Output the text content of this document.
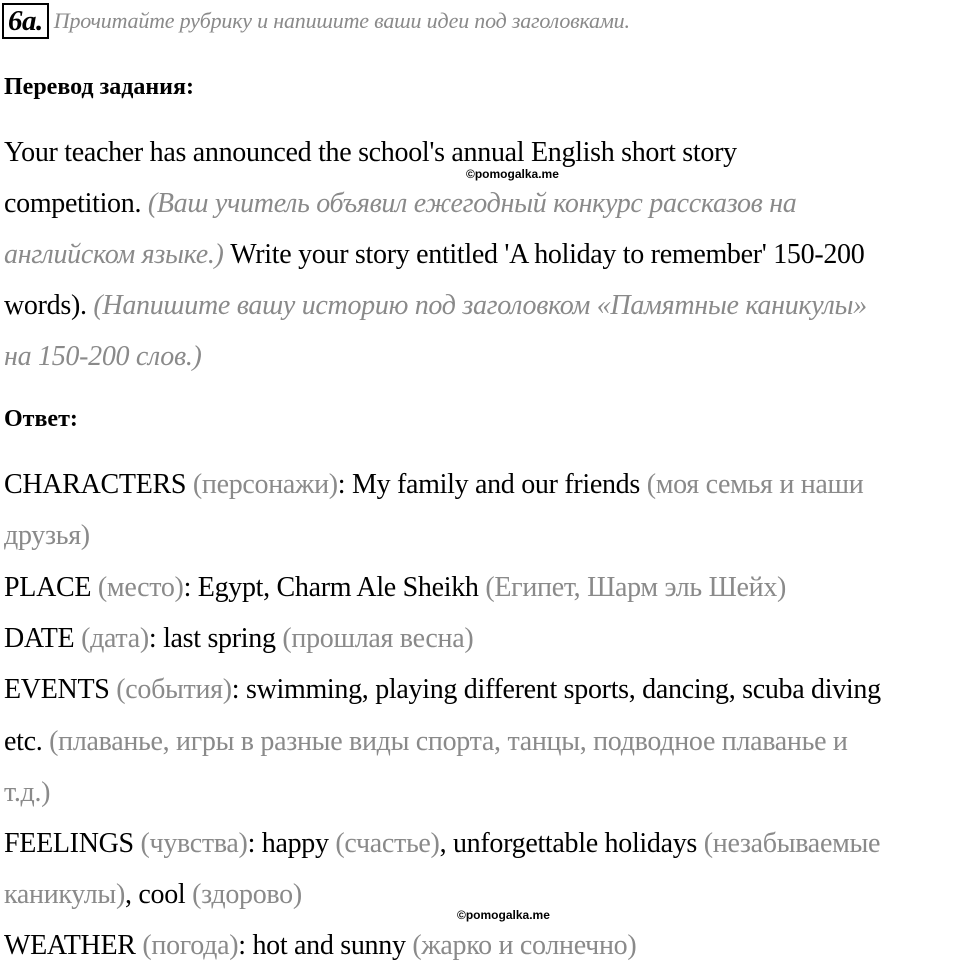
6a. Прочитайте рубрику и напишите ваши идеи под заголовками.
Перевод задания:
Your teacher has announced the school's annual English short story
©pomogalka.me
competition. (Ваш учитель объявил ежегодный конкурс рассказов на
английском языке.) Write your story entitled 'A holiday to remember' 150-200
words). (Напишите вашу историю под заголовком «Памятные каникулы»
на 150-200 слов.)
Ответ:
CHARACTERS (персонажи): My family and our friends (моя семья и наши
друзья)
PLACE (место): Egypt, Charm Ale Sheikh (Египет, Шарм эль Шейх)
DATE (дата): last spring (прошлая весна)
EVENTS (события): swimming, playing different sports, dancing, scuba diving
etc. (плаванье, игры в разные виды спорта, танцы, подводное плаванье и
т.д.)
FEELINGS (чувства): happy (счастье), unforgettable holidays (незабываемые
каникулы), cool (здорово)
©pomogalka.me
WEATHER (погода): hot and sunny (жарко и солнечно)
